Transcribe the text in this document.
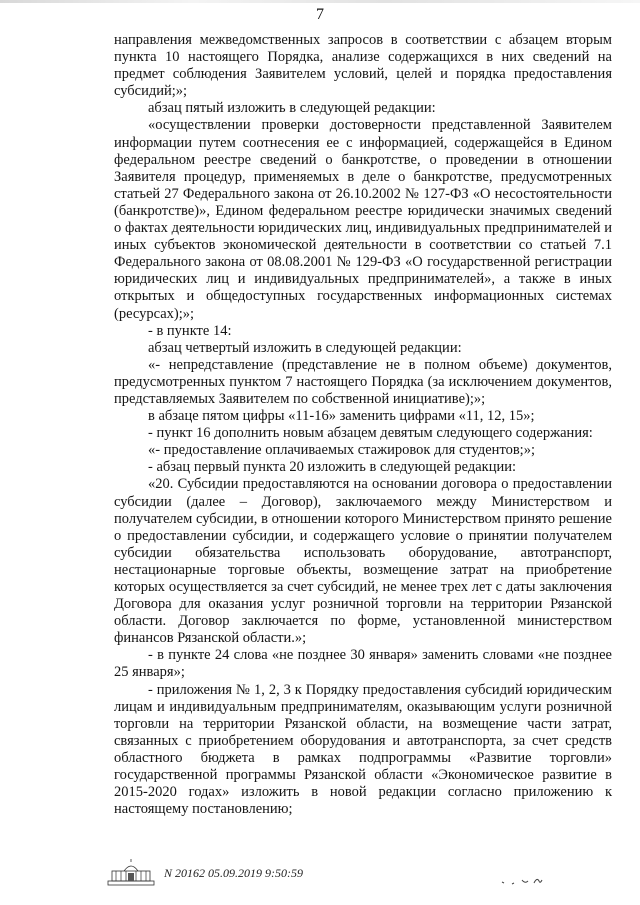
7

направления межведомственных запросов в соответствии с абзацем вторым пункта 10 настоящего Порядка, анализе содержащихся в них сведений на предмет соблюдения Заявителем условий, целей и порядка предоставления субсидий;»;

абзац пятый изложить в следующей редакции:

«осуществлении проверки достоверности представленной Заявителем информации путем соотнесения ее с информацией, содержащейся в Едином федеральном реестре сведений о банкротстве, о проведении в отношении Заявителя процедур, применяемых в деле о банкротстве, предусмотренных статьей 27 Федерального закона от 26.10.2002 № 127-ФЗ «О несостоятельности (банкротстве)», Едином федеральном реестре юридически значимых сведений о фактах деятельности юридических лиц, индивидуальных предпринимателей и иных субъектов экономической деятельности в соответствии со статьей 7.1 Федерального закона от 08.08.2001 № 129-ФЗ «О государственной регистрации юридических лиц и индивидуальных предпринимателей», а также в иных открытых и общедоступных государственных информационных системах (ресурсах);»;

- в пункте 14:

абзац четвертый изложить в следующей редакции:

«- непредставление (представление не в полном объеме) документов, предусмотренных пунктом 7 настоящего Порядка (за исключением документов, представляемых Заявителем по собственной инициативе);»;

в абзаце пятом цифры «11-16» заменить цифрами «11, 12, 15»;

- пункт 16 дополнить новым абзацем девятым следующего содержания:

«- предоставление оплачиваемых стажировок для студентов;»;

- абзац первый пункта 20 изложить в следующей редакции:

«20. Субсидии предоставляются на основании договора о предоставлении субсидии (далее – Договор), заключаемого между Министерством и получателем субсидии, в отношении которого Министерством принято решение о предоставлении субсидии, и содержащего условие о принятии получателем субсидии обязательства использовать оборудование, автотранспорт, нестационарные торговые объекты, возмещение затрат на приобретение которых осуществляется за счет субсидий, не менее трех лет с даты заключения Договора для оказания услуг розничной торговли на территории Рязанской области. Договор заключается по форме, установленной министерством финансов Рязанской области.»;

- в пункте 24 слова «не позднее 30 января» заменить словами «не позднее 25 января»;

- приложения № 1, 2, 3 к Порядку предоставления субсидий юридическим лицам и индивидуальным предпринимателям, оказывающим услуги розничной торговли на территории Рязанской области, на возмещение части затрат, связанных с приобретением оборудования и автотранспорта, за счет средств областного бюджета в рамках подпрограммы «Развитие торговли» государственной программы Рязанской области «Экономическое развитие в 2015-2020 годах» изложить в новой редакции согласно приложению к настоящему постановлению;

N 20162 05.09.2019 9:50:59
